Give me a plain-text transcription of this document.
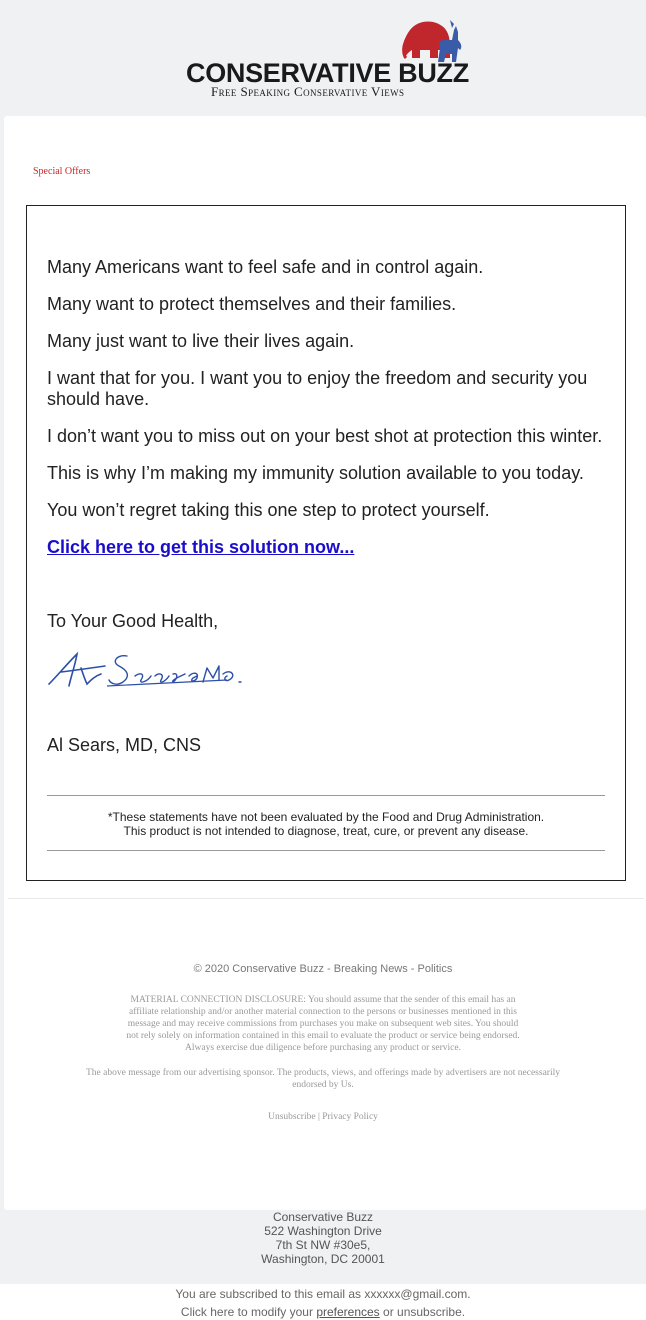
CONSERVATIVE BUZZ
Free Speaking Conservative Views
Special Offers
Many Americans want to feel safe and in control again.
Many want to protect themselves and their families.
Many just want to live their lives again.
I want that for you. I want you to enjoy the freedom and security you should have.
I don’t want you to miss out on your best shot at protection this winter.
This is why I’m making my immunity solution available to you today.
You won’t regret taking this one step to protect yourself.
Click here to get this solution now...
To Your Good Health,
Al Sears, MD, CNS
*These statements have not been evaluated by the Food and Drug Administration.
This product is not intended to diagnose, treat, cure, or prevent any disease.
© 2020 Conservative Buzz - Breaking News - Politics
MATERIAL CONNECTION DISCLOSURE: You should assume that the sender of this email has an
affiliate relationship and/or another material connection to the persons or businesses mentioned in this
message and may receive commissions from purchases you make on subsequent web sites. You should
not rely solely on information contained in this email to evaluate the product or service being endorsed.
Always exercise due diligence before purchasing any product or service.
The above message from our advertising sponsor. The products, views, and offerings made by advertisers are not necessarily
endorsed by Us.
Unsubscribe | Privacy Policy
Conservative Buzz
522 Washington Drive
7th St NW #30e5,
Washington, DC 20001
You are subscribed to this email as xxxxxx@gmail.com.
Click here to modify your preferences or unsubscribe.
